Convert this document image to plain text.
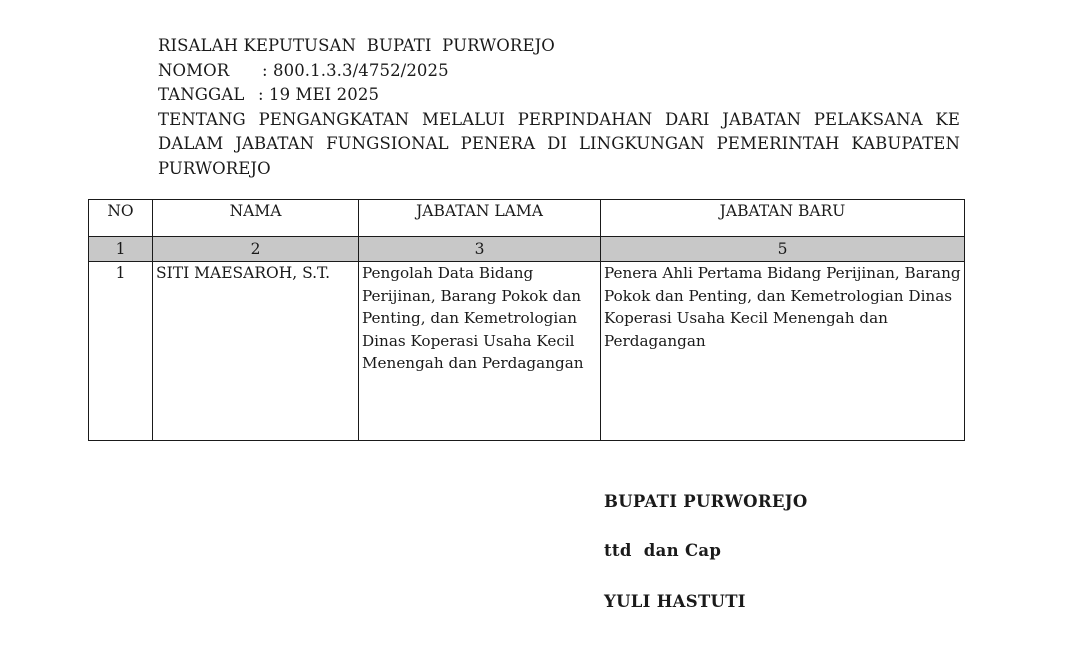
RISALAH KEPUTUSAN  BUPATI  PURWOREJO
NOMOR : 800.1.3.3/4752/2025
TANGGAL : 19 MEI 2025
TENTANG PENGANGKATAN MELALUI PERPINDAHAN DARI JABATAN PELAKSANA KE DALAM JABATAN FUNGSIONAL PENERA DI LINGKUNGAN PEMERINTAH KABUPATEN PURWOREJO
NO	NAMA	JABATAN LAMA	JABATAN BARU
1	2	3	5
1	SITI MAESAROH, S.T.	Pengolah Data Bidang Perijinan, Barang Pokok dan Penting, dan Kemetrologian Dinas Koperasi Usaha Kecil Menengah dan Perdagangan	Penera Ahli Pertama Bidang Perijinan, Barang Pokok dan Penting, dan Kemetrologian Dinas Koperasi Usaha Kecil Menengah dan Perdagangan
BUPATI PURWOREJO
ttd  dan Cap
YULI HASTUTI
